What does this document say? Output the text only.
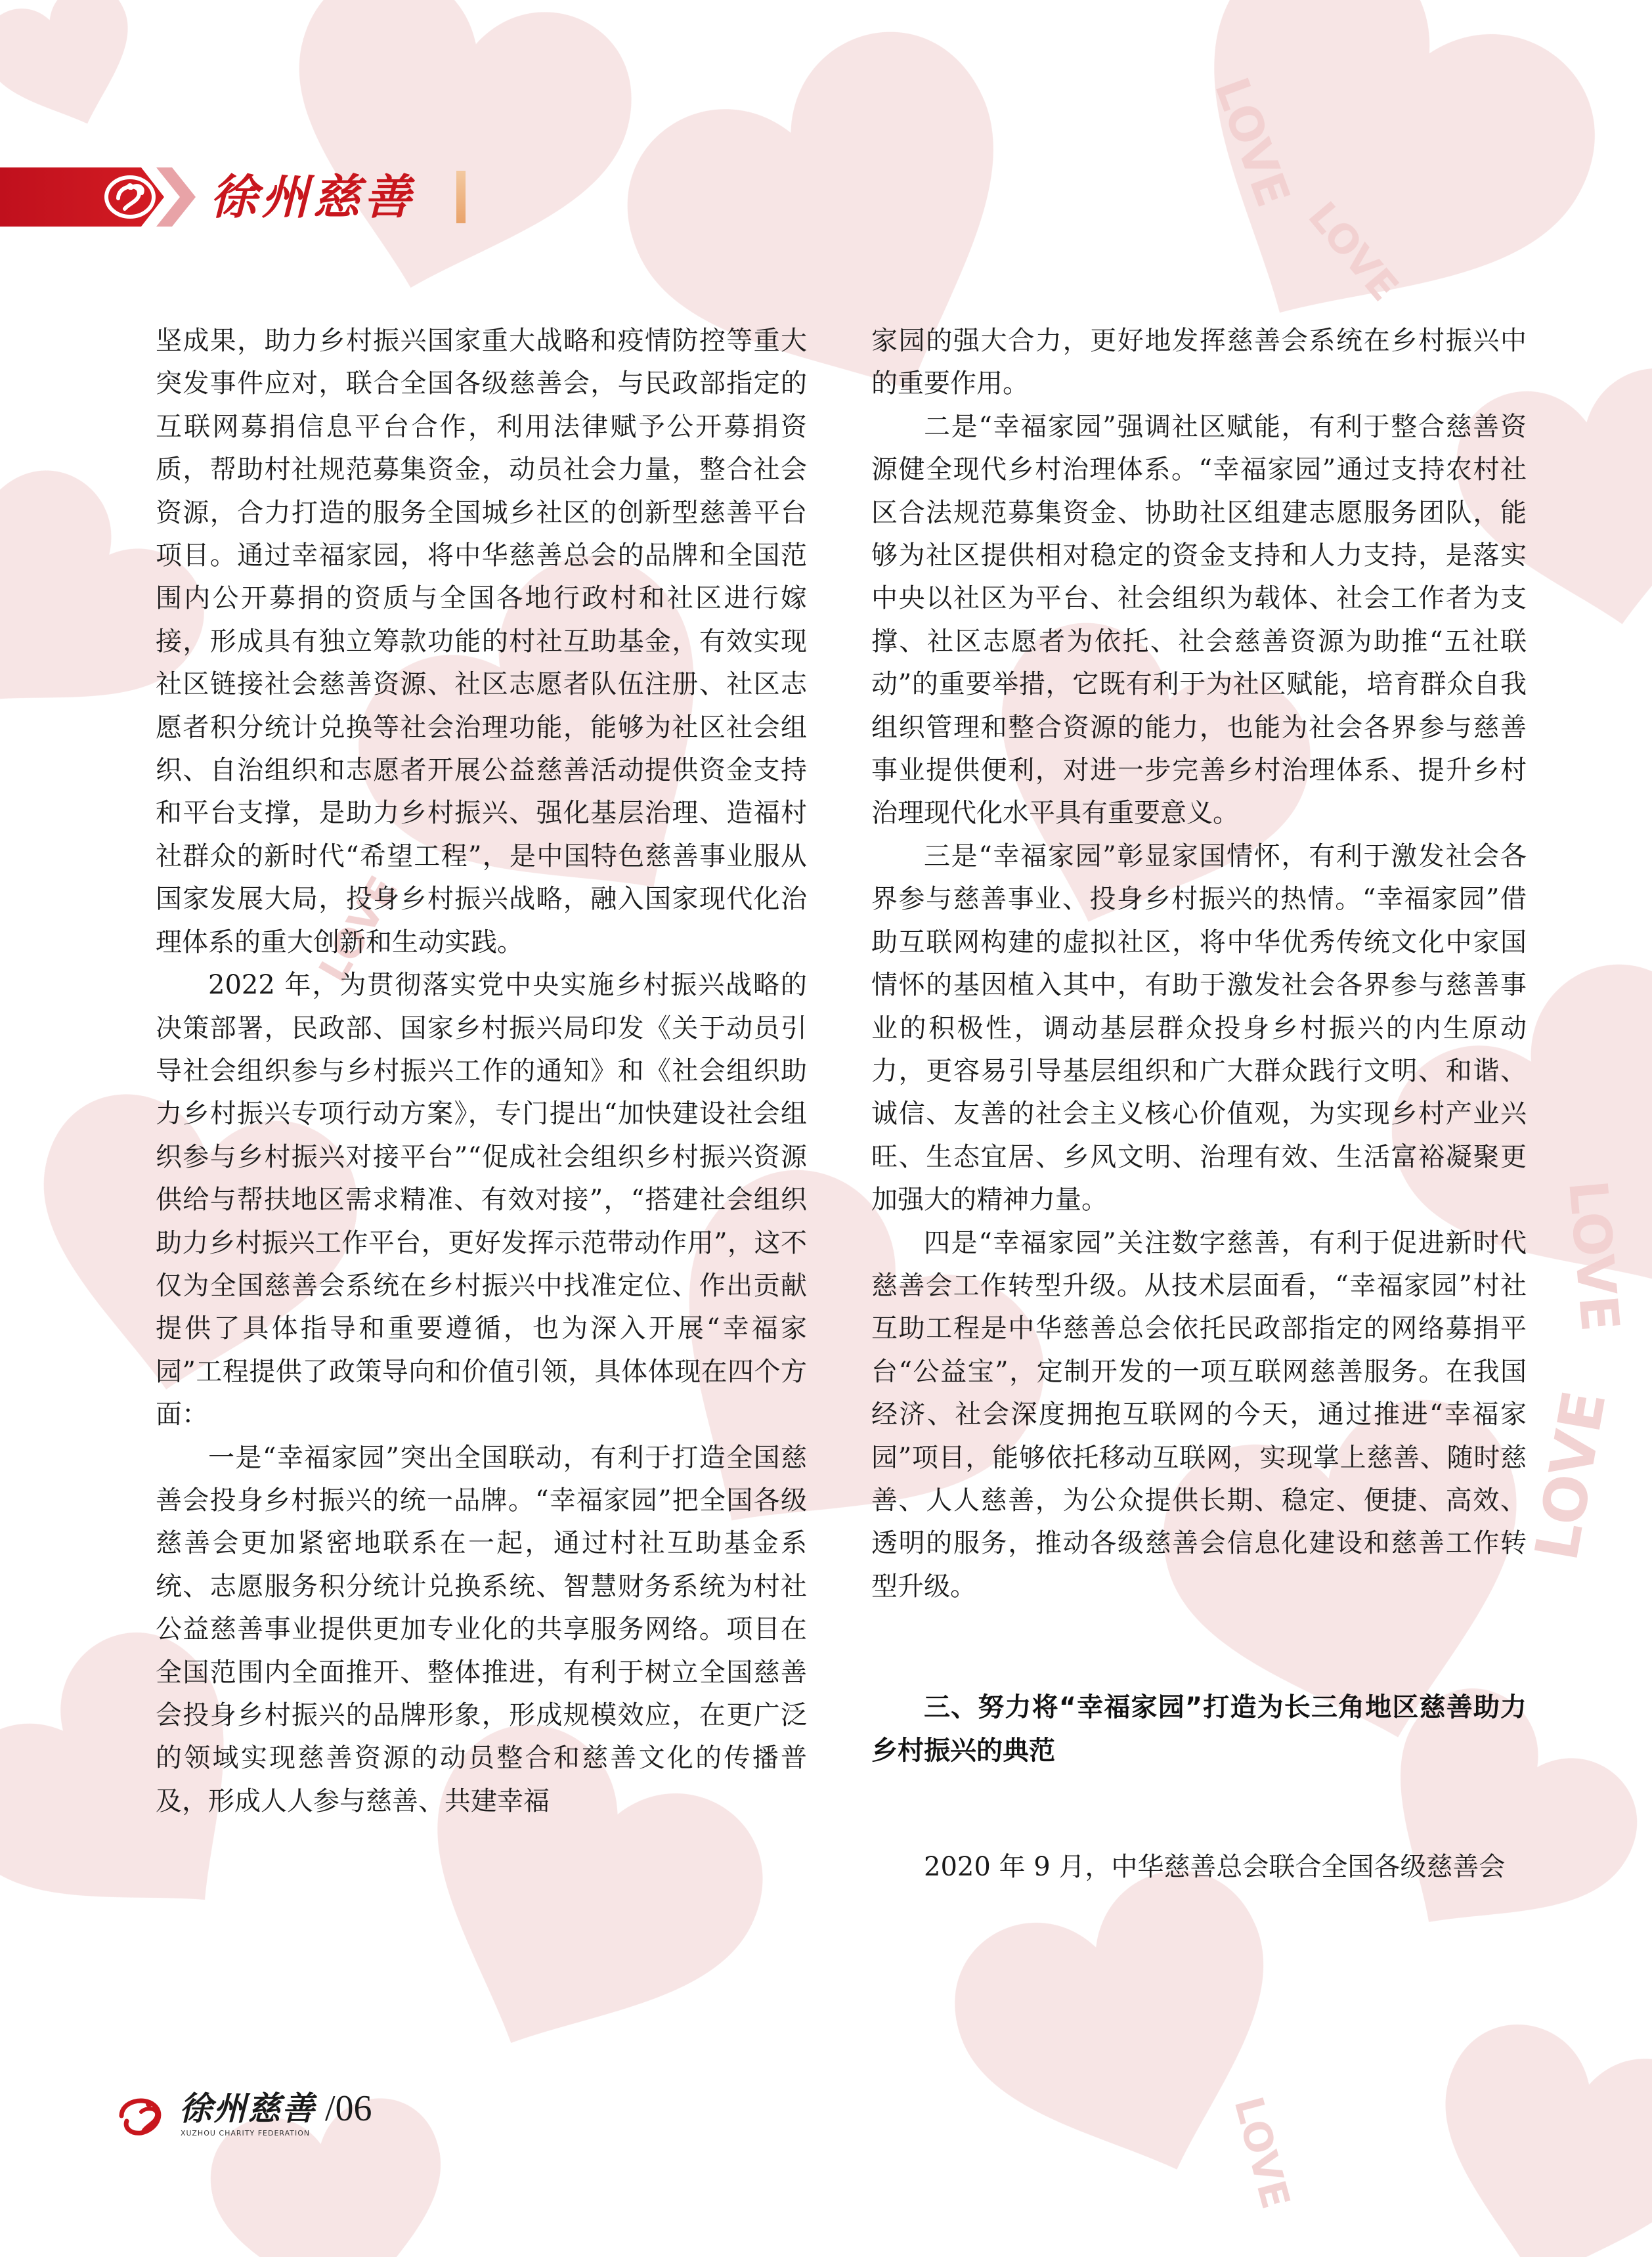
LOVE
LOVE
LOVE
LOVE
LOVE
LOVE
徐州慈善

坚成果，助力乡村振兴国家重大战略和疫情防控等重大突发事件应对，联合全国各级慈善会，与民政部指定的互联网募捐信息平台合作，利用法律赋予公开募捐资质，帮助村社规范募集资金，动员社会力量，整合社会资源，合力打造的服务全国城乡社区的创新型慈善平台项目。通过幸福家园，将中华慈善总会的品牌和全国范围内公开募捐的资质与全国各地行政村和社区进行嫁接，形成具有独立筹款功能的村社互助基金，有效实现社区链接社会慈善资源、社区志愿者队伍注册、社区志愿者积分统计兑换等社会治理功能，能够为社区社会组织、自治组织和志愿者开展公益慈善活动提供资金支持和平台支撑，是助力乡村振兴、强化基层治理、造福村社群众的新时代“希望工程”，是中国特色慈善事业服从国家发展大局，投身乡村振兴战略，融入国家现代化治理体系的重大创新和生动实践。

2022 年，为贯彻落实党中央实施乡村振兴战略的决策部署，民政部、国家乡村振兴局印发《关于动员引导社会组织参与乡村振兴工作的通知》和《社会组织助力乡村振兴专项行动方案》，专门提出“加快建设社会组织参与乡村振兴对接平台”“促成社会组织乡村振兴资源供给与帮扶地区需求精准、有效对接”，“搭建社会组织助力乡村振兴工作平台，更好发挥示范带动作用”，这不仅为全国慈善会系统在乡村振兴中找准定位、作出贡献提供了具体指导和重要遵循，也为深入开展“幸福家园”工程提供了政策导向和价值引领，具体体现在四个方面：

一是“幸福家园”突出全国联动，有利于打造全国慈善会投身乡村振兴的统一品牌。“幸福家园”把全国各级慈善会更加紧密地联系在一起，通过村社互助基金系统、志愿服务积分统计兑换系统、智慧财务系统为村社公益慈善事业提供更加专业化的共享服务网络。项目在全国范围内全面推开、整体推进，有利于树立全国慈善会投身乡村振兴的品牌形象，形成规模效应，在更广泛的领域实现慈善资源的动员整合和慈善文化的传播普及，形成人人参与慈善、共建幸福

家园的强大合力，更好地发挥慈善会系统在乡村振兴中的重要作用。

二是“幸福家园”强调社区赋能，有利于整合慈善资源健全现代乡村治理体系。“幸福家园”通过支持农村社区合法规范募集资金、协助社区组建志愿服务团队，能够为社区提供相对稳定的资金支持和人力支持，是落实中央以社区为平台、社会组织为载体、社会工作者为支撑、社区志愿者为依托、社会慈善资源为助推“五社联动”的重要举措，它既有利于为社区赋能，培育群众自我组织管理和整合资源的能力，也能为社会各界参与慈善事业提供便利，对进一步完善乡村治理体系、提升乡村治理现代化水平具有重要意义。

三是“幸福家园”彰显家国情怀，有利于激发社会各界参与慈善事业、投身乡村振兴的热情。“幸福家园”借助互联网构建的虚拟社区，将中华优秀传统文化中家国情怀的基因植入其中，有助于激发社会各界参与慈善事业的积极性，调动基层群众投身乡村振兴的内生原动力，更容易引导基层组织和广大群众践行文明、和谐、诚信、友善的社会主义核心价值观，为实现乡村产业兴旺、生态宜居、乡风文明、治理有效、生活富裕凝聚更加强大的精神力量。

四是“幸福家园”关注数字慈善，有利于促进新时代慈善会工作转型升级。从技术层面看，“幸福家园”村社互助工程是中华慈善总会依托民政部指定的网络募捐平台“公益宝”，定制开发的一项互联网慈善服务。在我国经济、社会深度拥抱互联网的今天，通过推进“幸福家园”项目，能够依托移动互联网，实现掌上慈善、随时慈善、人人慈善，为公众提供长期、稳定、便捷、高效、透明的服务，推动各级慈善会信息化建设和慈善工作转型升级。

三、努力将“幸福家园”打造为长三角地区慈善助力乡村振兴的典范

2020 年 9 月，中华慈善总会联合全国各级慈善会

徐州慈善
XUZHOU CHARITY FEDERATION
/06
